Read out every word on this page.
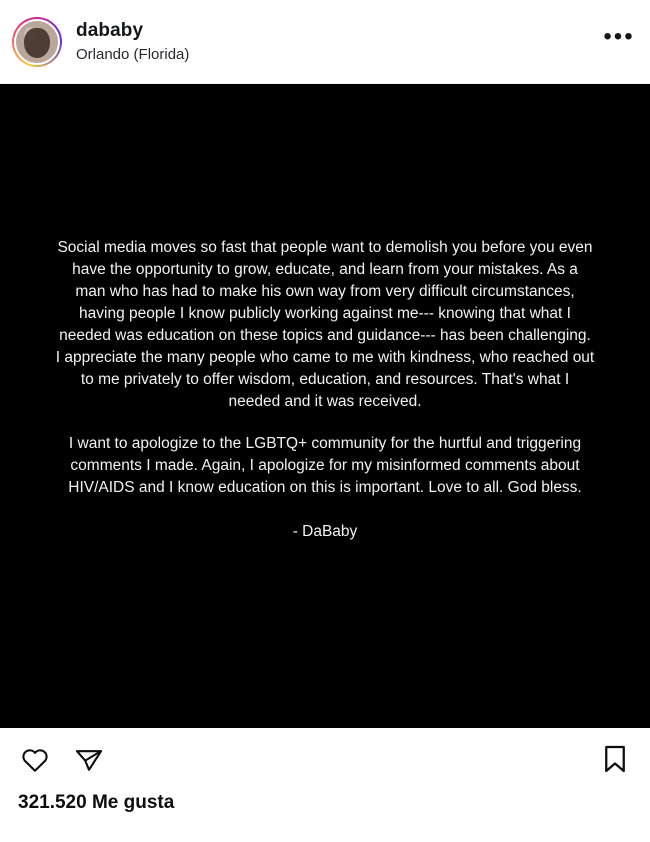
dababy
Orlando (Florida)
•••

Social media moves so fast that people want to demolish you before you even have the opportunity to grow, educate, and learn from your mistakes. As a man who has had to make his own way from very difficult circumstances, having people I know publicly working against me--- knowing that what I needed was education on these topics and guidance--- has been challenging. I appreciate the many people who came to me with kindness, who reached out to me privately to offer wisdom, education, and resources. That's what I needed and it was received.

I want to apologize to the LGBTQ+ community for the hurtful and triggering comments I made. Again, I apologize for my misinformed comments about HIV/AIDS and I know education on this is important. Love to all. God bless.

- DaBaby

321.520 Me gusta
